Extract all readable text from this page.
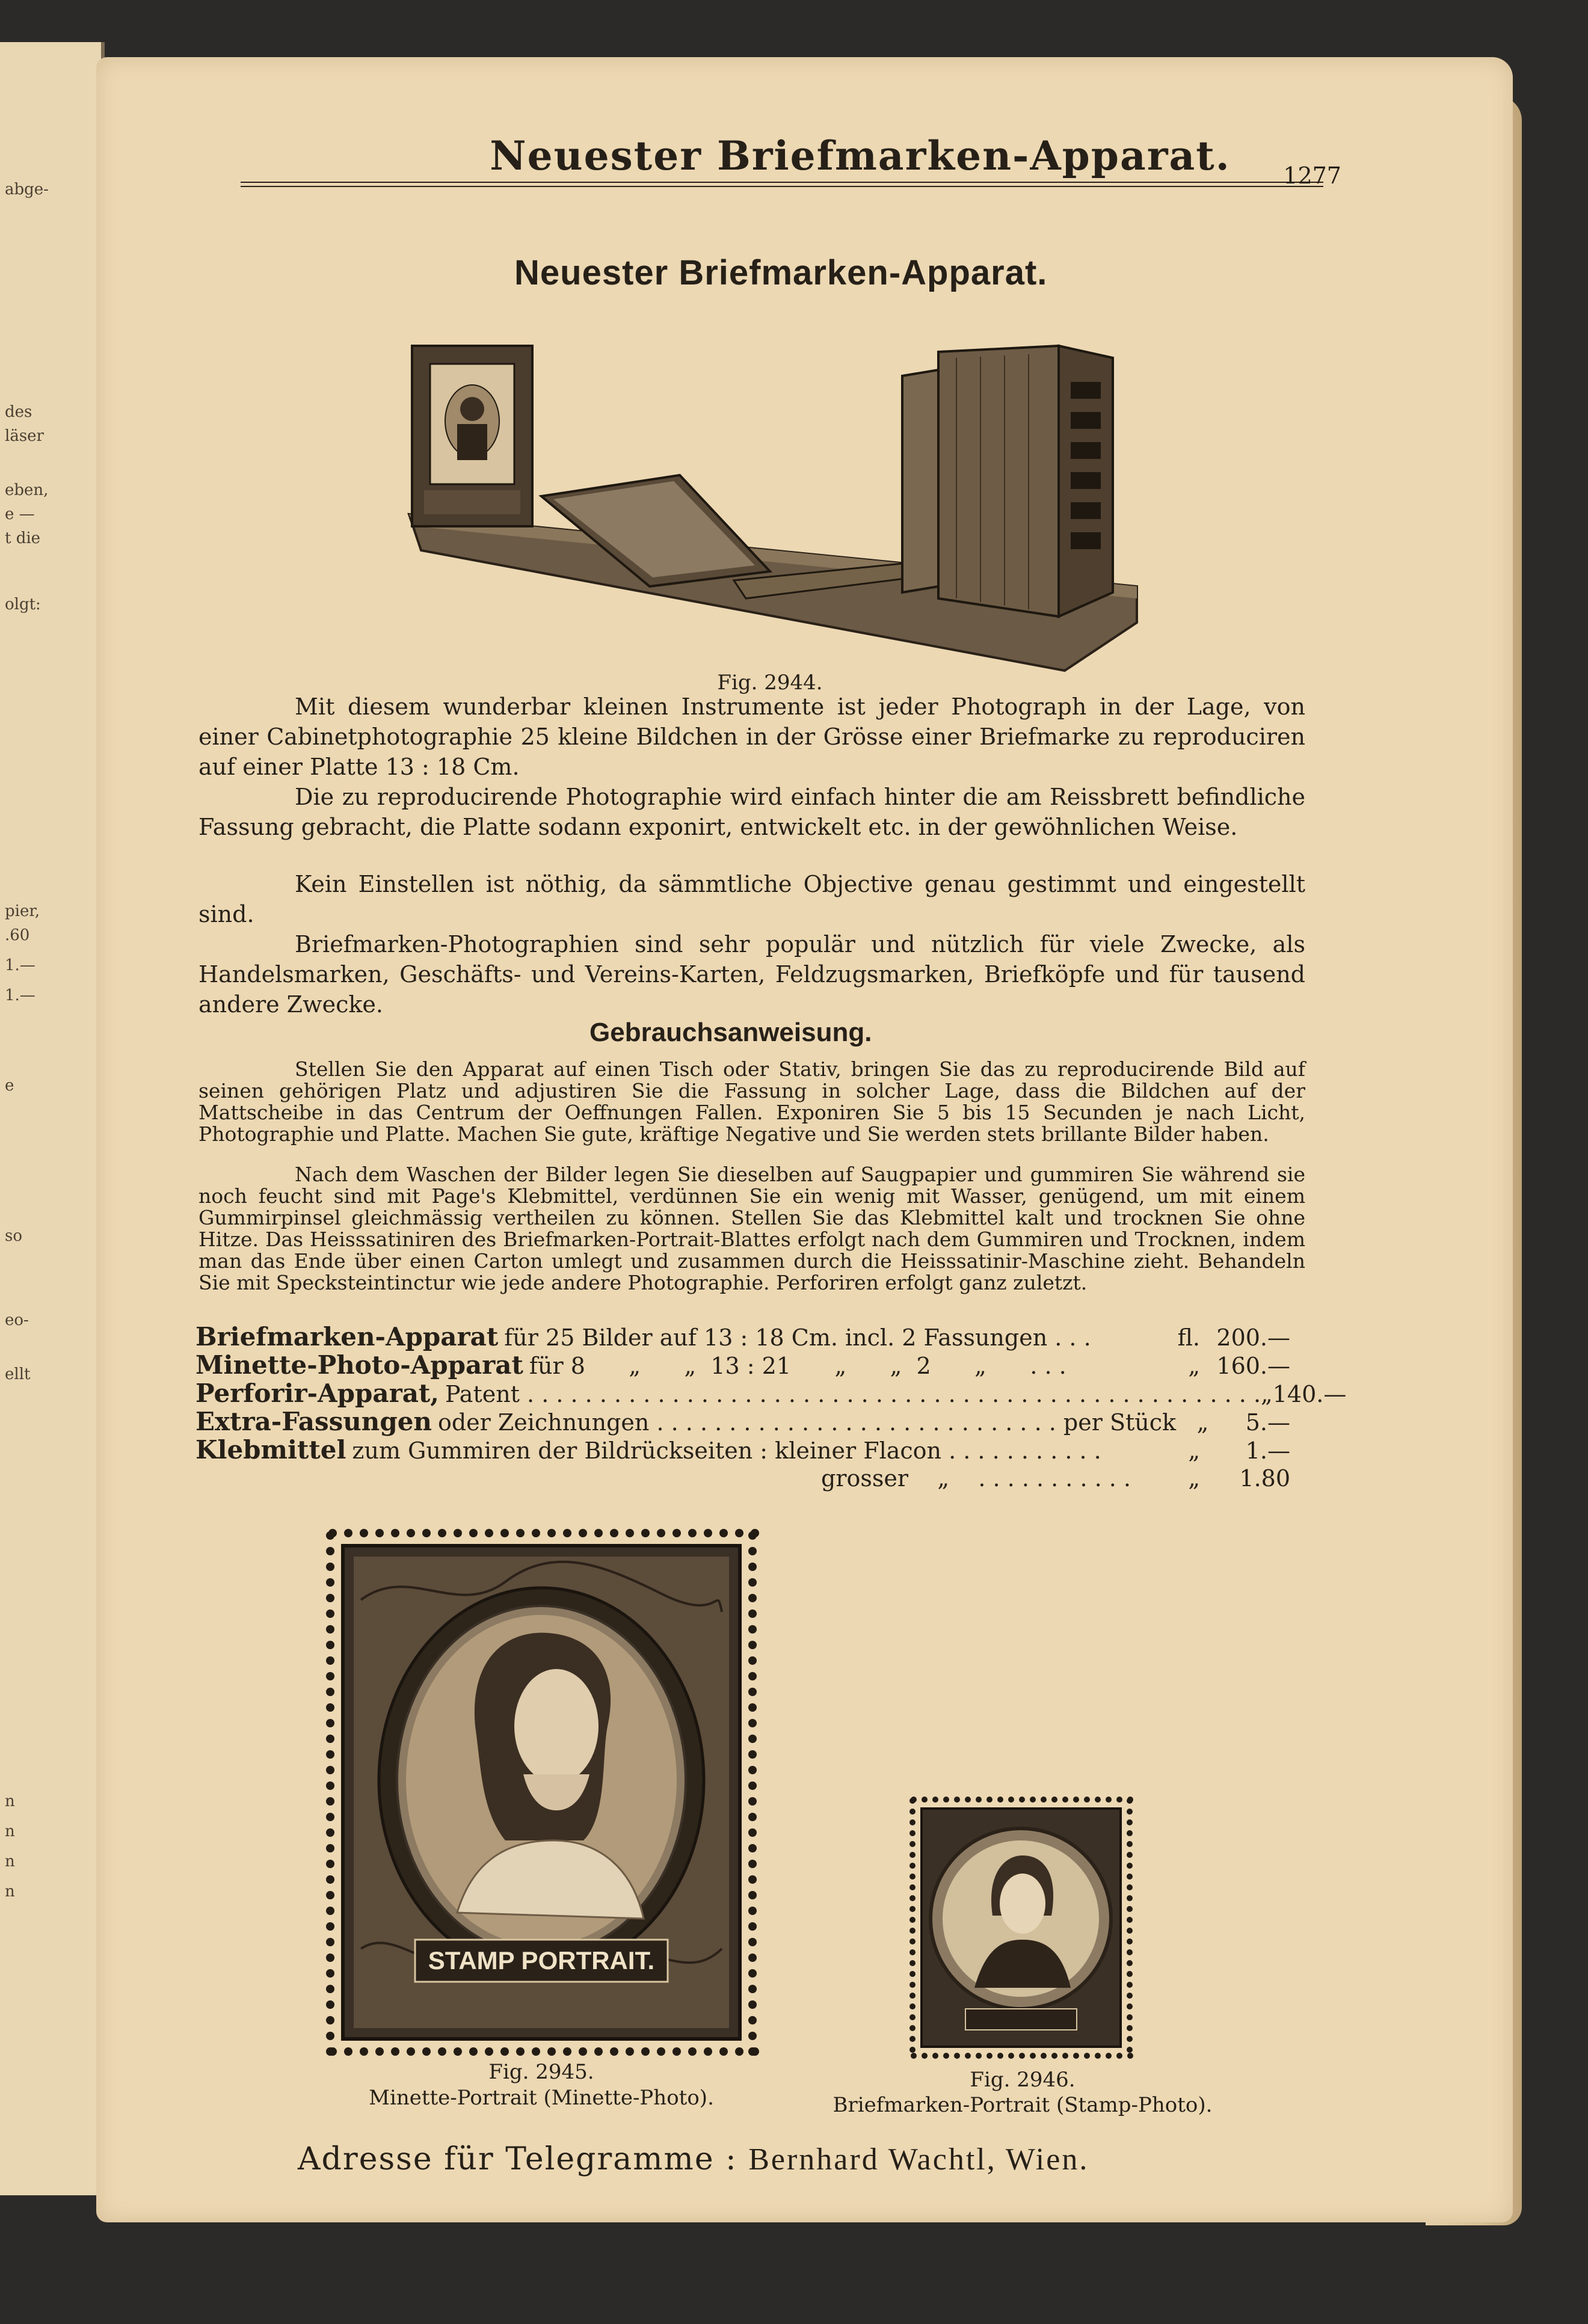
abge-
des
läser
eben,
e —
t die
olgt:
pier,
.60
1.—
1.—
e
so
eo-
ellt
n
n
n
n
Neuester Briefmarken-Apparat.	1277
Neuester Briefmarken-Apparat.
Fig. 2944.

Mit diesem wunderbar kleinen Instrumente ist jeder Photograph in der Lage, von einer Cabinetphotographie 25 kleine Bildchen in der Grösse einer Briefmarke zu reproduciren auf einer Platte 13 : 18 Cm.

Die zu reproducirende Photographie wird einfach hinter die am Reissbrett befindliche Fassung gebracht, die Platte sodann exponirt, entwickelt etc. in der gewöhnlichen Weise.

Kein Einstellen ist nöthig, da sämmtliche Objective genau gestimmt und eingestellt sind.

Briefmarken-Photographien sind sehr populär und nützlich für viele Zwecke, als Handelsmarken, Geschäfts- und Vereins-Karten, Feldzugsmarken, Briefköpfe und für tausend andere Zwecke.

Gebrauchsanweisung.

Stellen Sie den Apparat auf einen Tisch oder Stativ, bringen Sie das zu reproducirende Bild auf seinen gehörigen Platz und adjustiren Sie die Fassung in solcher Lage, dass die Bildchen auf der Mattscheibe in das Centrum der Oeffnungen Fallen. Exponiren Sie 5 bis 15 Secunden je nach Licht, Photographie und Platte. Machen Sie gute, kräftige Negative und Sie werden stets brillante Bilder haben.

Nach dem Waschen der Bilder legen Sie dieselben auf Saugpapier und gummiren Sie während sie noch feucht sind mit Page's Klebmittel, verdünnen Sie ein wenig mit Wasser, genügend, um mit einem Gummirpinsel gleichmässig vertheilen zu können. Stellen Sie das Klebmittel kalt und trocknen Sie ohne Hitze. Das Heisssatiniren des Briefmarken-Portrait-Blattes erfolgt nach dem Gummiren und Trocknen, indem man das Ende über einen Carton umlegt und zusammen durch die Heisssatinir-Maschine zieht. Behandeln Sie mit Specksteintinctur wie jede andere Photographie. Perforiren erfolgt ganz zuletzt.

Briefmarken-Apparat für 25 Bilder auf 13 : 18 Cm. incl. 2 Fassungen . . .	fl. 200.—
Minette-Photo-Apparat für 8      „      „  13 : 21      „      „  2      „      . . .	„ 160.—
Perforir-Apparat, Patent . . . . . . . . . . . . . . . . . . . . . . . . . . . . . . . . . . . . . . . . . . . . . . . . . . . „ 140.—
Extra-Fassungen oder Zeichnungen . . . . . . . . . . . . . . . . . . . . . . . . . . . . per Stück „	5.—
Klebmittel zum Gummiren der Bildrückseiten : kleiner Flacon . . . . . . . . . . .	„	1.—
grosser    „    . . . . . . . . . . .	„	1.80
STAMP PORTRAIT.
Fig. 2945.
Minette-Portrait (Minette-Photo).
Fig. 2946.
Briefmarken-Portrait (Stamp-Photo).
Adresse für Telegramme : Bernhard Wachtl, Wien.
